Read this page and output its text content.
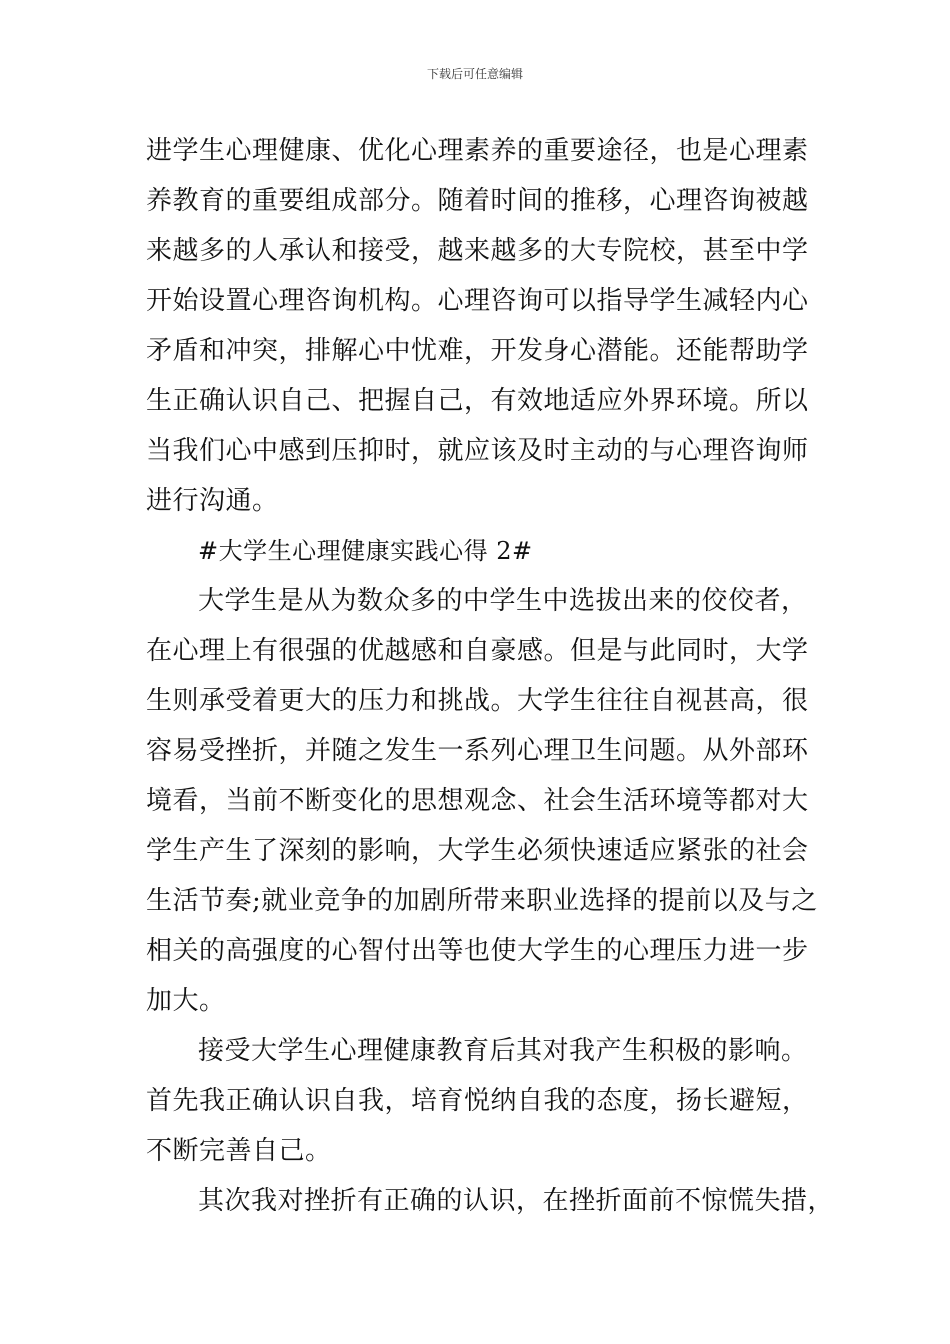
下载后可任意编辑
进学生心理健康、优化心理素养的重要途径，也是心理素
养教育的重要组成部分。随着时间的推移，心理咨询被越
来越多的人承认和接受，越来越多的大专院校，甚至中学
开始设置心理咨询机构。心理咨询可以指导学生减轻内心
矛盾和冲突，排解心中忧难，开发身心潜能。还能帮助学
生正确认识自己、把握自己，有效地适应外界环境。所以
当我们心中感到压抑时，就应该及时主动的与心理咨询师
进行沟通。
#大学生心理健康实践心得 2#
大学生是从为数众多的中学生中选拔出来的佼佼者，
在心理上有很强的优越感和自豪感。但是与此同时，大学
生则承受着更大的压力和挑战。大学生往往自视甚高，很
容易受挫折，并随之发生一系列心理卫生问题。从外部环
境看，当前不断变化的思想观念、社会生活环境等都对大
学生产生了深刻的影响，大学生必须快速适应紧张的社会
生活节奏;就业竞争的加剧所带来职业选择的提前以及与之
相关的高强度的心智付出等也使大学生的心理压力进一步
加大。
接受大学生心理健康教育后其对我产生积极的影响。
首先我正确认识自我，培育悦纳自我的态度，扬长避短，
不断完善自己。
其次我对挫折有正确的认识，在挫折面前不惊慌失措，
